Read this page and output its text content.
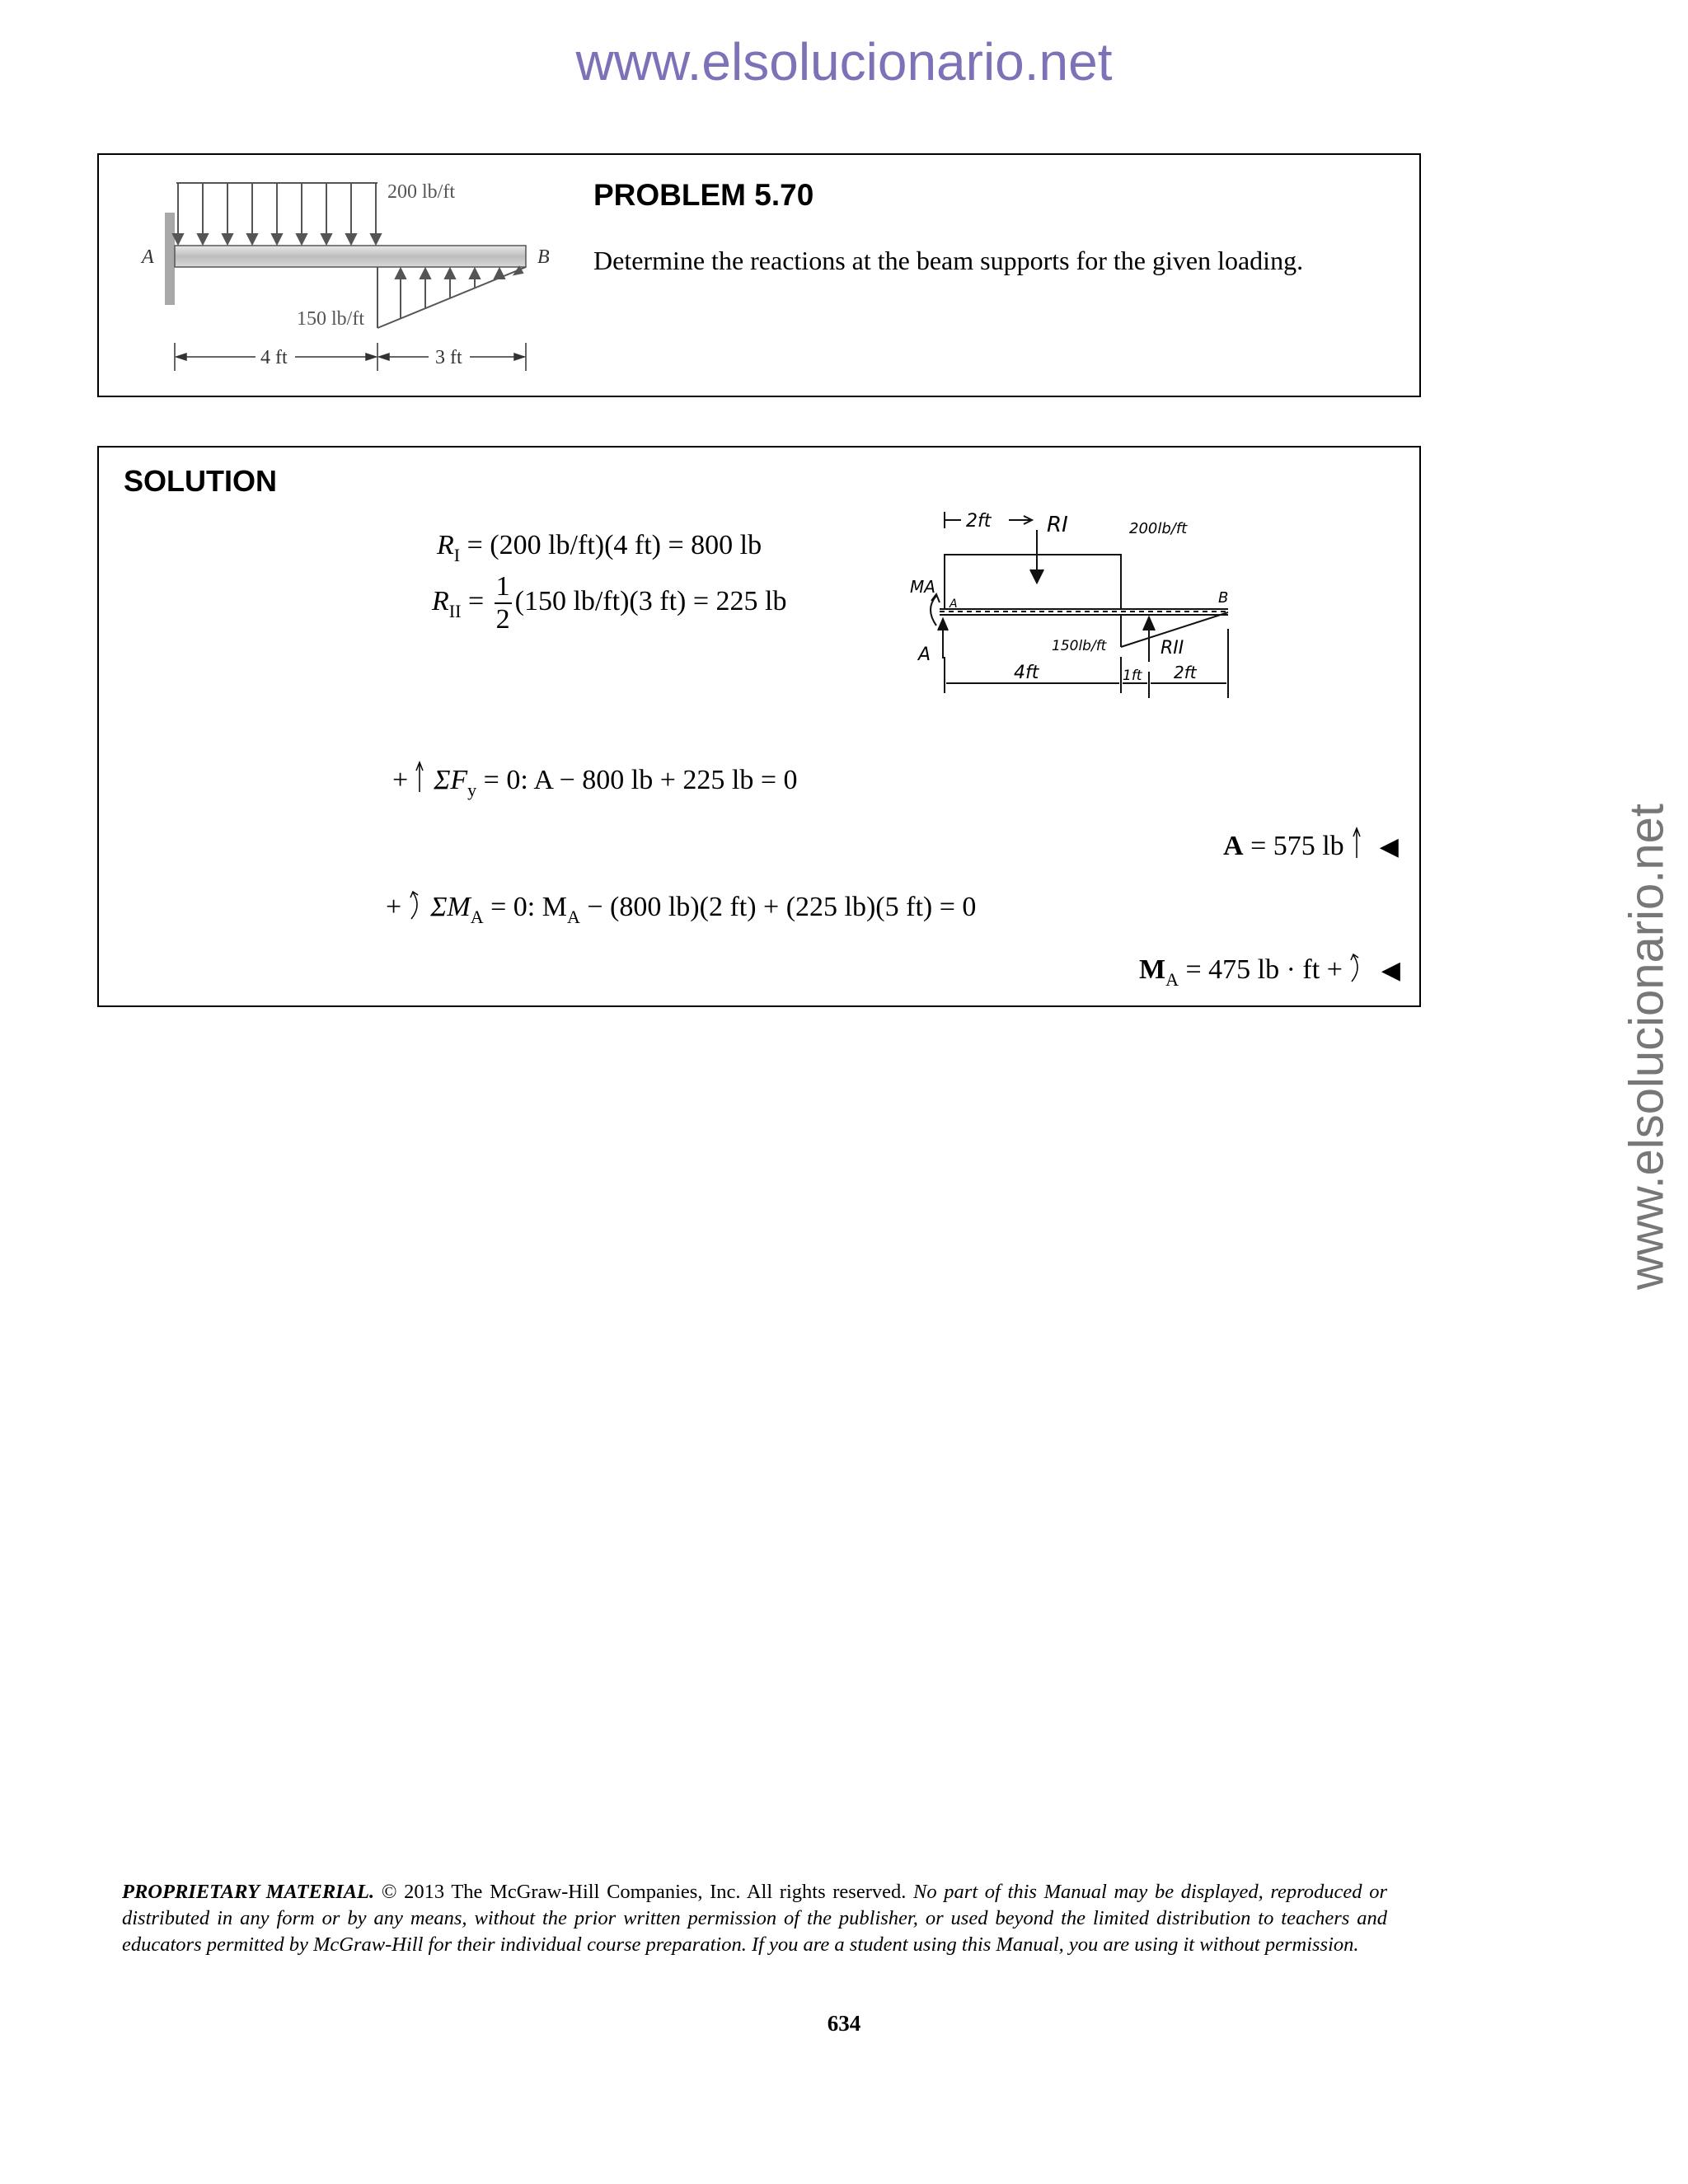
www.elsolucionario.net
www.elsolucionario.net
A	B
200 lb/ft
150 lb/ft
4 ft	3 ft
PROBLEM 5.70
Determine the reactions at the beam supports for the given loading.
SOLUTION
$R_I = (200$ lb/ft)(4 ft) = 800 lb
$R_{II} = \frac{1}{2} (150$ lb/ft)(3 ft) = 225 lb
+ $\Sigma F_y = 0$: A − 800 lb + 225 lb = 0
A = 575 lb ◀
+ $\Sigma M_A = 0$: $M_A - (800$ lb)(2 ft) + (225 lb)(5 ft) = 0
$M_A = 475$ lb · ft + ◀
2ft	RI	200lb/ft
MA
A	B
A	150lb/ft	RII
4ft	1ft 2ft
PROPRIETARY MATERIAL. © 2013 The McGraw-Hill Companies, Inc. All rights reserved. No part of this Manual may be displayed, reproduced or distributed in any form or by any means, without the prior written permission of the publisher, or used beyond the limited distribution to teachers and educators permitted by McGraw-Hill for their individual course preparation. If you are a student using this Manual, you are using it without permission.
634
